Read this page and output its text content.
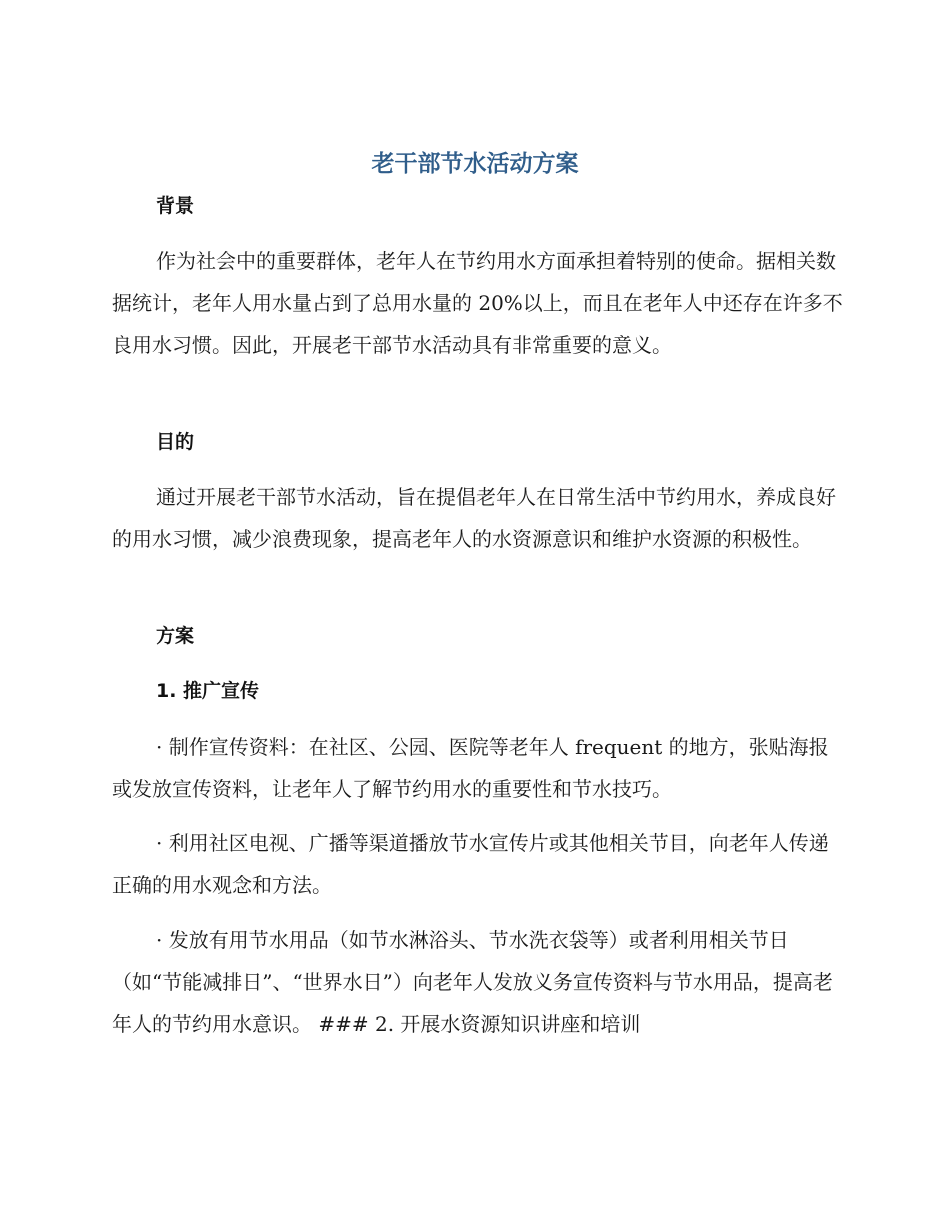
老干部节水活动方案
背景
作为社会中的重要群体，老年人在节约用水方面承担着特别的使命。据相关数据统计，老年人用水量占到了总用水量的 20%以上，而且在老年人中还存在许多不良用水习惯。因此，开展老干部节水活动具有非常重要的意义。
目的
通过开展老干部节水活动，旨在提倡老年人在日常生活中节约用水，养成良好的用水习惯，减少浪费现象，提高老年人的水资源意识和维护水资源的积极性。
方案
1. 推广宣传
· 制作宣传资料：在社区、公园、医院等老年人 frequent 的地方，张贴海报或发放宣传资料，让老年人了解节约用水的重要性和节水技巧。
· 利用社区电视、广播等渠道播放节水宣传片或其他相关节目，向老年人传递正确的用水观念和方法。
· 发放有用节水用品（如节水淋浴头、节水洗衣袋等）或者利用相关节日（如“节能减排日”、“世界水日”）向老年人发放义务宣传资料与节水用品，提高老年人的节约用水意识。 ### 2. 开展水资源知识讲座和培训
